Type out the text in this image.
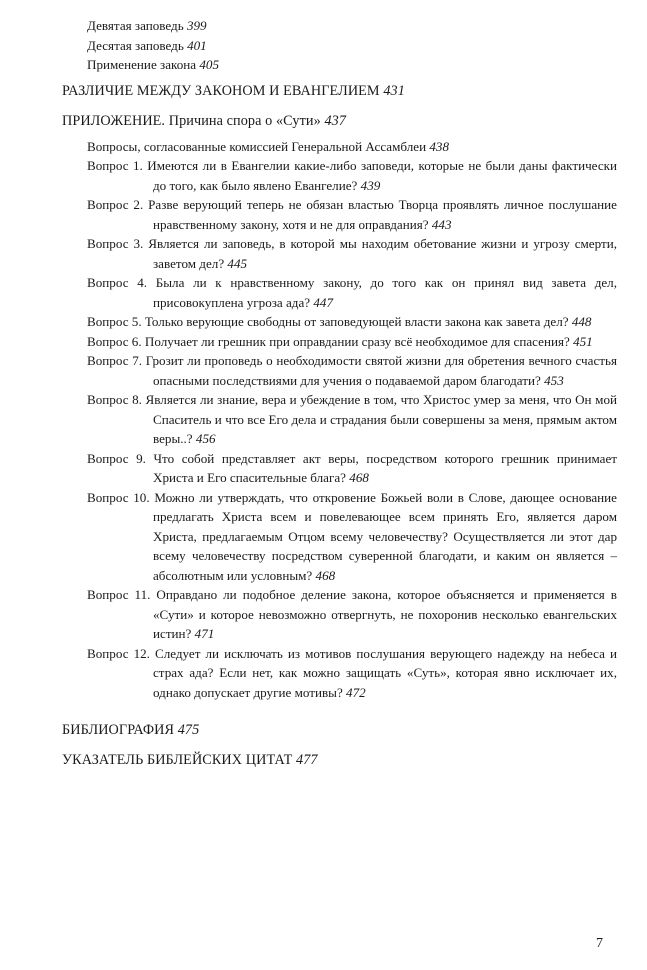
Девятая заповедь 399
Десятая заповедь 401
Применение закона 405
РАЗЛИЧИЕ МЕЖДУ ЗАКОНОМ И ЕВАНГЕЛИЕМ 431
ПРИЛОЖЕНИЕ. Причина спора о «Сути» 437
Вопросы, согласованные комиссией Генеральной Ассамблеи 438
Вопрос 1. Имеются ли в Евангелии какие-либо заповеди, которые не были даны фактически до того, как было явлено Евангелие? 439
Вопрос 2. Разве верующий теперь не обязан властью Творца проявлять личное послушание нравственному закону, хотя и не для оправдания? 443
Вопрос 3. Является ли заповедь, в которой мы находим обетование жизни и угрозу смерти, заветом дел? 445
Вопрос 4. Была ли к нравственному закону, до того как он принял вид завета дел, присовокуплена угроза ада? 447
Вопрос 5. Только верующие свободны от заповедующей власти закона как завета дел? 448
Вопрос 6. Получает ли грешник при оправдании сразу всё необходимое для спасения? 451
Вопрос 7. Грозит ли проповедь о необходимости святой жизни для обретения вечного счастья опасными последствиями для учения о подаваемой даром благодати? 453
Вопрос 8. Является ли знание, вера и убеждение в том, что Христос умер за меня, что Он мой Спаситель и что все Его дела и страдания были совершены за меня, прямым актом веры..? 456
Вопрос 9. Что собой представляет акт веры, посредством которого грешник принимает Христа и Его спасительные блага? 468
Вопрос 10. Можно ли утверждать, что откровение Божьей воли в Слове, дающее основание предлагать Христа всем и повелевающее всем принять Его, является даром Христа, предлагаемым Отцом всему человечеству? Осуществляется ли этот дар всему человечеству посредством суверенной благодати, и каким он является – абсолютным или условным? 468
Вопрос 11. Оправдано ли подобное деление закона, которое объясняется и применяется в «Сути» и которое невозможно отвергнуть, не похоронив несколько евангельских истин? 471
Вопрос 12. Следует ли исключать из мотивов послушания верующего надежду на небеса и страх ада? Если нет, как можно защищать «Суть», которая явно исключает их, однако допускает другие мотивы? 472
БИБЛИОГРАФИЯ 475
УКАЗАТЕЛЬ БИБЛЕЙСКИХ ЦИТАТ 477
7
